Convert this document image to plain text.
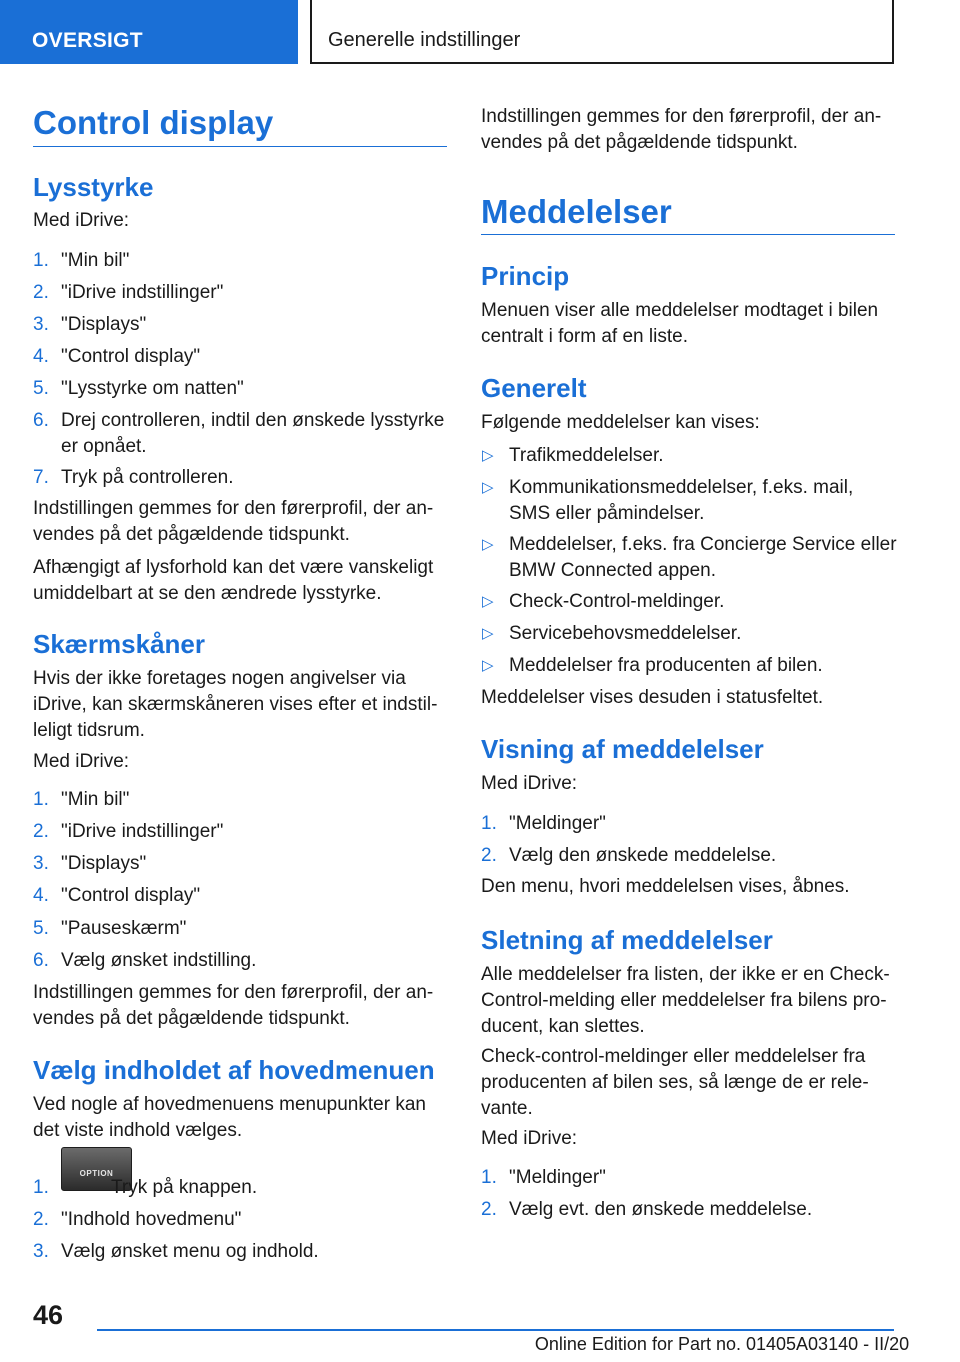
OVERSIGT	Generelle indstillinger
Control display
Lysstyrke

Med iDrive:

1. "Min bil"
2. "iDrive indstillinger"
3. "Displays"
4. "Control display"
5. "Lysstyrke om natten"
6. Drej controlleren, indtil den ønskede lysstyrke er opnået.
7. Tryk på controlleren.

Indstillingen gemmes for den førerprofil, der anvendes på det pågældende tidspunkt.

Afhængigt af lysforhold kan det være vanskeligt umiddelbart at se den ændrede lysstyrke.

Skærmskåner

Hvis der ikke foretages nogen angivelser via iDrive, kan skærmskåneren vises efter et indstilleligt tidsrum.

Med iDrive:

1. "Min bil"
2. "iDrive indstillinger"
3. "Displays"
4. "Control display"
5. "Pauseskærm"
6. Vælg ønsket indstilling.

Indstillingen gemmes for den førerprofil, der anvendes på det pågældende tidspunkt.

Vælg indholdet af hovedmenuen

Ved nogle af hovedmenuens menupunkter kan det viste indhold vælges.

1.
OPTION
Tryk på knappen.
2. "Indhold hovedmenu"
3. Vælg ønsket menu og indhold.

Indstillingen gemmes for den førerprofil, der anvendes på det pågældende tidspunkt.

Meddelelser
Princip

Menuen viser alle meddelelser modtaget i bilen centralt i form af en liste.

Generelt

Følgende meddelelser kan vises:

▷ Trafikmeddelelser.
▷ Kommunikationsmeddelelser, f.eks. mail, SMS eller påmindelser.
▷ Meddelelser, f.eks. fra Concierge Service eller BMW Connected appen.
▷ Check-Control-meldinger.
▷ Servicebehovsmeddelelser.
▷ Meddelelser fra producenten af bilen.

Meddelelser vises desuden i statusfeltet.

Visning af meddelelser

Med iDrive:

1. "Meldinger"
2. Vælg den ønskede meddelelse.

Den menu, hvori meddelelsen vises, åbnes.

Sletning af meddelelser

Alle meddelelser fra listen, der ikke er en Check-Control-melding eller meddelelser fra bilens producent, kan slettes.

Check-control-meldinger eller meddelelser fra producenten af bilen ses, så længe de er relevante.

Med iDrive:

1. "Meldinger"
2. Vælg evt. den ønskede meddelelse.
46
Online Edition for Part no. 01405A03140 - II/20
